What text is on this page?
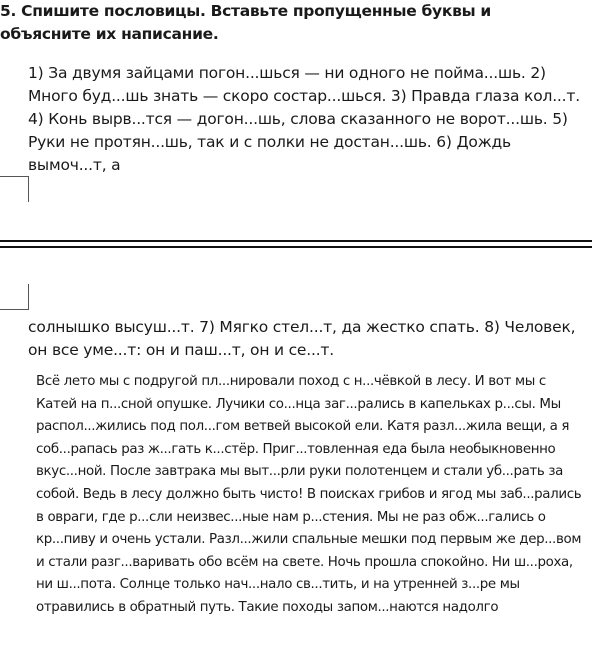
5. Спишите пословицы. Вставьте пропущенные буквы и объясните их написание.
1) За двумя зайцами погон...шься — ни одного не пойма...шь. 2) Много буд...шь знать — скоро состар...шься. 3) Правда глаза кол...т. 4) Конь вырв...тся — догон...шь, слова сказанного не ворот...шь. 5) Руки не протян...шь, так и с полки не достан...шь. 6) Дождь вымоч...т, а
солнышко высуш...т. 7) Мягко стел...т, да жестко спать. 8) Человек, он все уме...т: он и паш...т, он и се...т.
Всё лето мы с подругой пл...нировали поход с н...чёвкой в лесу. И вот мы с Катей на п...сной опушке. Лучики со...нца заг...рались в капельках р...сы. Мы распол...жились под пол...гом ветвей высокой ели. Катя разл...жила вещи, а я соб...рапась раз ж...гать к...стёр. Приг...товленная еда была необыкновенно вкус...ной. После завтрака мы выт...рли руки полотенцем и стали уб...рать за собой. Ведь в лесу должно быть чисто! В поисках грибов и ягод мы заб...рались в овраги, где р...сли неизвес...ные нам р...стения. Мы не раз обж...гались о кр...пиву и очень устали. Разл...жили спальные мешки под первым же дер...вом и стали разг...варивать обо всём на свете. Ночь прошла спокойно. Ни ш...роха, ни ш...пота. Солнце только нач...нало св...тить, и на утренней з...ре мы отравились в обратный путь. Такие походы запом...наются надолго
